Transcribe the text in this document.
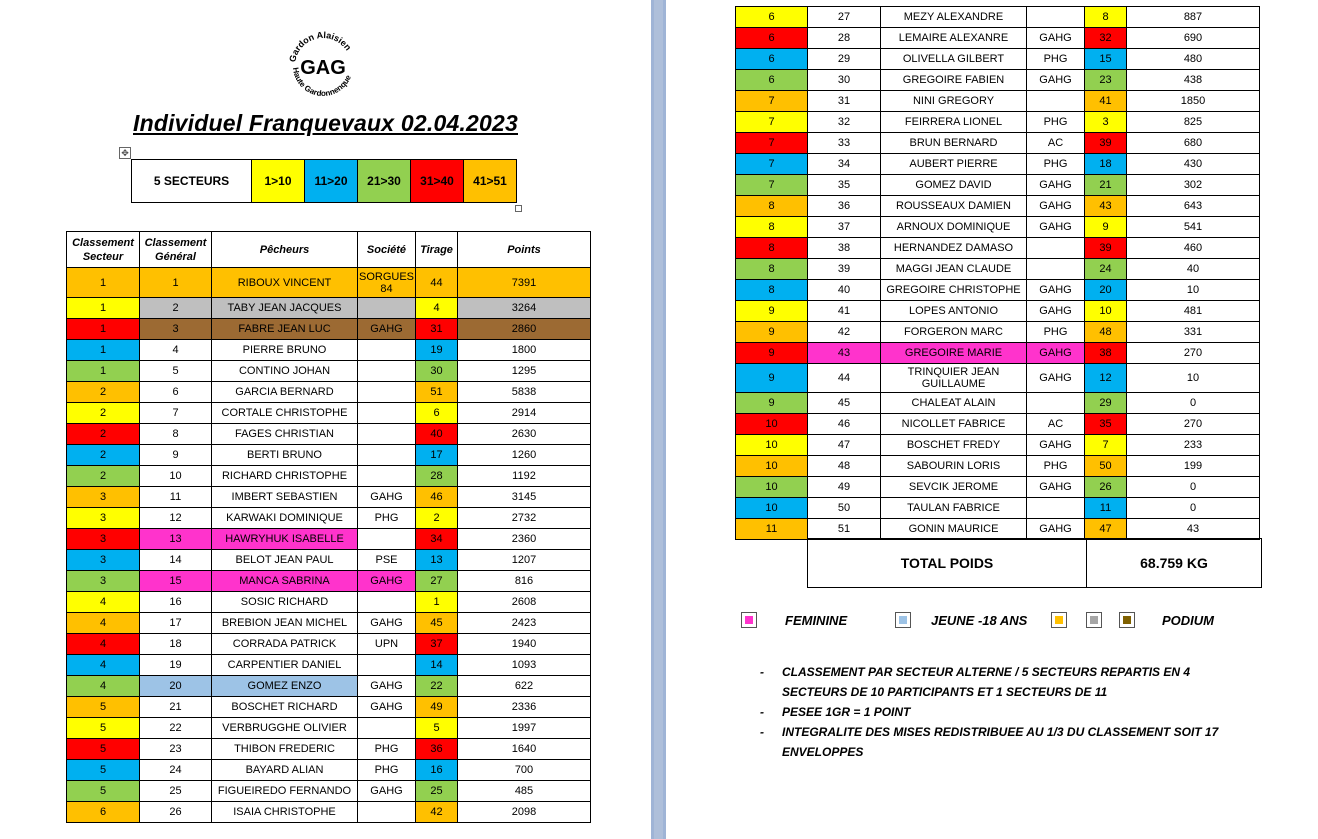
Gardon Alaisien
Haute Gardonnenque
GAG
Individuel Franquevaux 02.04.2023
✥
5 SECTEURS	1>10	11>20	21>30	31>40	41>51
Classement Secteur	Classement Général	Pêcheurs	Société	Tirage	Points
1	1	RIBOUX VINCENT	SORGUES 84	44	7391
1	2	TABY JEAN JACQUES		4	3264
1	3	FABRE JEAN LUC	GAHG	31	2860
1	4	PIERRE BRUNO		19	1800
1	5	CONTINO JOHAN		30	1295
2	6	GARCIA BERNARD		51	5838
2	7	CORTALE CHRISTOPHE		6	2914
2	8	FAGES CHRISTIAN		40	2630
2	9	BERTI BRUNO		17	1260
2	10	RICHARD CHRISTOPHE		28	1192
3	11	IMBERT SEBASTIEN	GAHG	46	3145
3	12	KARWAKI DOMINIQUE	PHG	2	2732
3	13	HAWRYHUK ISABELLE		34	2360
3	14	BELOT JEAN PAUL	PSE	13	1207
3	15	MANCA SABRINA	GAHG	27	816
4	16	SOSIC RICHARD		1	2608
4	17	BREBION JEAN MICHEL	GAHG	45	2423
4	18	CORRADA PATRICK	UPN	37	1940
4	19	CARPENTIER DANIEL		14	1093
4	20	GOMEZ ENZO	GAHG	22	622
5	21	BOSCHET RICHARD	GAHG	49	2336
5	22	VERBRUGGHE OLIVIER		5	1997
5	23	THIBON FREDERIC	PHG	36	1640
5	24	BAYARD ALIAN	PHG	16	700
5	25	FIGUEIREDO FERNANDO	GAHG	25	485
6	26	ISAIA CHRISTOPHE		42	2098
6	27	MEZY ALEXANDRE		8	887
6	28	LEMAIRE ALEXANRE	GAHG	32	690
6	29	OLIVELLA GILBERT	PHG	15	480
6	30	GREGOIRE FABIEN	GAHG	23	438
7	31	NINI GREGORY		41	1850
7	32	FEIRRERA LIONEL	PHG	3	825
7	33	BRUN BERNARD	AC	39	680
7	34	AUBERT PIERRE	PHG	18	430
7	35	GOMEZ DAVID	GAHG	21	302
8	36	ROUSSEAUX DAMIEN	GAHG	43	643
8	37	ARNOUX DOMINIQUE	GAHG	9	541
8	38	HERNANDEZ DAMASO		39	460
8	39	MAGGI JEAN CLAUDE		24	40
8	40	GREGOIRE CHRISTOPHE	GAHG	20	10
9	41	LOPES ANTONIO	GAHG	10	481
9	42	FORGERON MARC	PHG	48	331
9	43	GREGOIRE MARIE	GAHG	38	270
9	44	TRINQUIER JEAN GUILLAUME	GAHG	12	10
9	45	CHALEAT ALAIN		29	0
10	46	NICOLLET FABRICE	AC	35	270
10	47	BOSCHET FREDY	GAHG	7	233
10	48	SABOURIN LORIS	PHG	50	199
10	49	SEVCIK JEROME	GAHG	26	0
10	50	TAULAN FABRICE		11	0
11	51	GONIN MAURICE	GAHG	47	43
TOTAL POIDS	68.759 KG
FEMININE	JEUNE -18 ANS	PODIUM
- CLASSEMENT PAR SECTEUR ALTERNE / 5 SECTEURS REPARTIS EN 4 SECTEURS DE 10 PARTICIPANTS ET 1 SECTEURS DE 11
- PESEE 1GR = 1 POINT
- INTEGRALITE DES MISES REDISTRIBUEE AU 1/3 DU CLASSEMENT SOIT 17 ENVELOPPES
